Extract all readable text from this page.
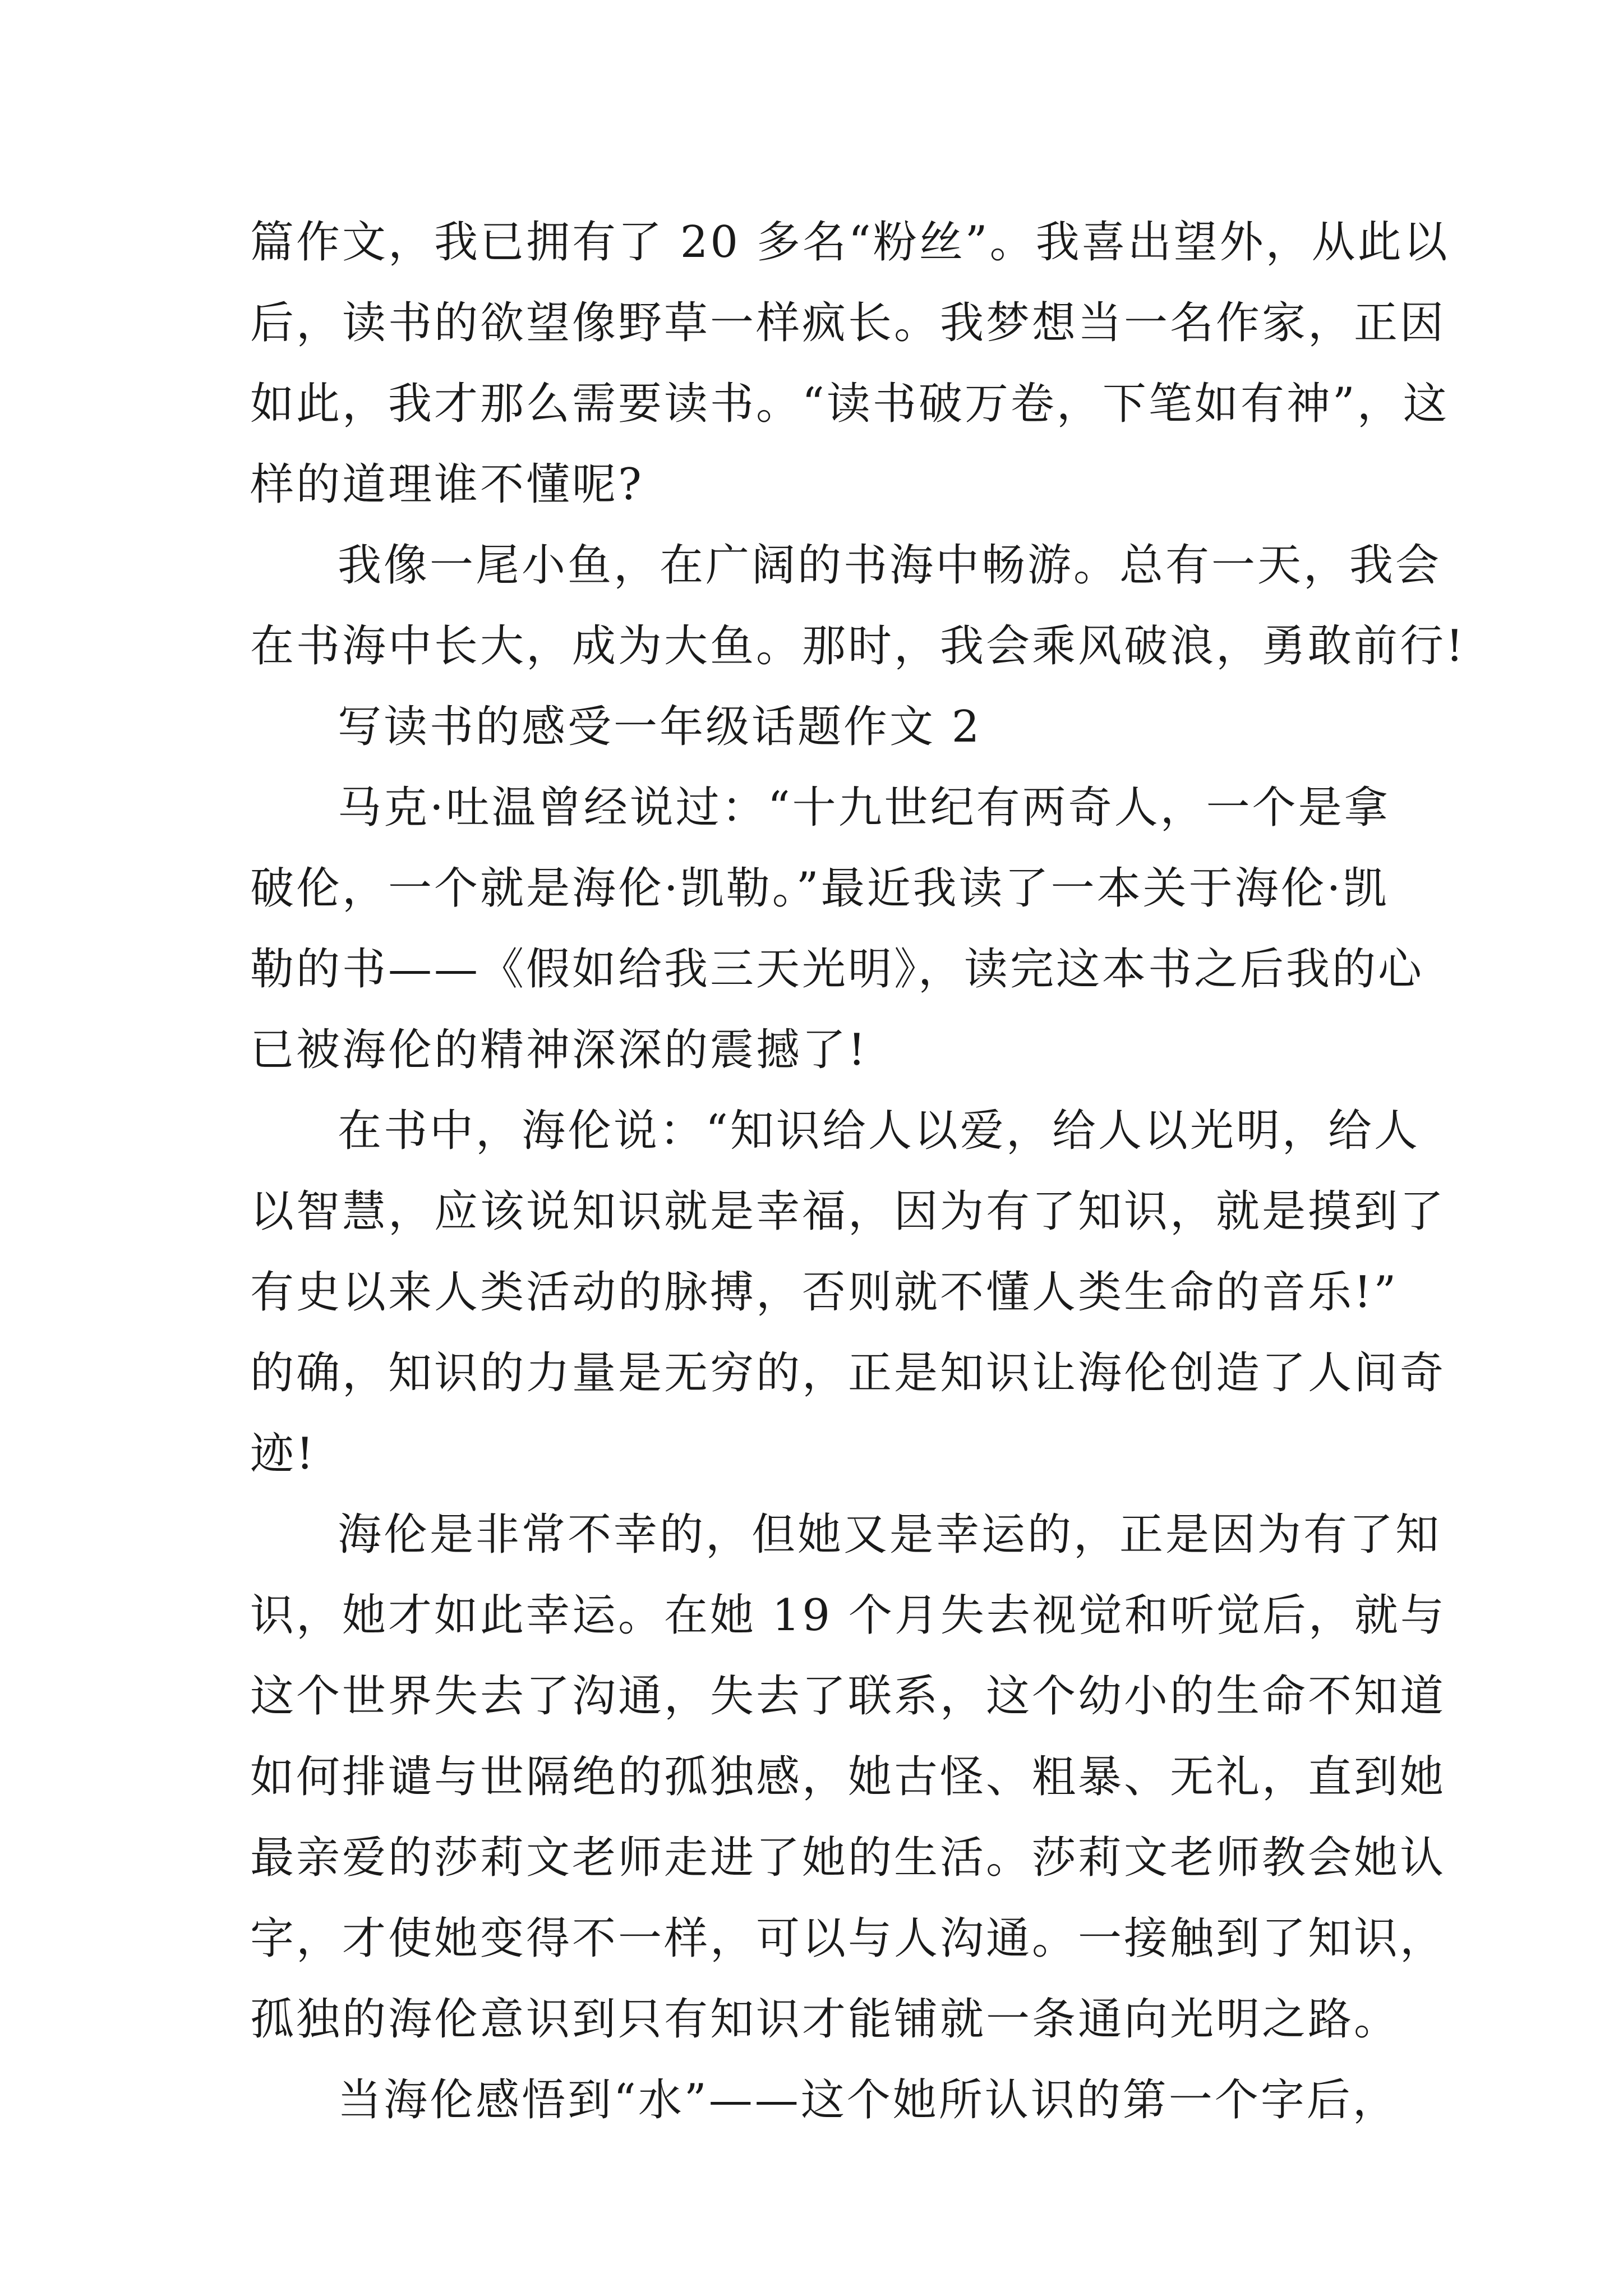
篇作文，我已拥有了 20 多名“粉丝”。我喜出望外，从此以
后，读书的欲望像野草一样疯长。我梦想当一名作家，正因
如此，我才那么需要读书。“读书破万卷，下笔如有神”，这
样的道理谁不懂呢?
我像一尾小鱼，在广阔的书海中畅游。总有一天，我会
在书海中长大，成为大鱼。那时，我会乘风破浪，勇敢前行!
写读书的感受一年级话题作文 2
马克·吐温曾经说过：“十九世纪有两奇人，一个是拿
破伦，一个就是海伦·凯勒。”最近我读了一本关于海伦·凯
勒的书——《假如给我三天光明》，读完这本书之后我的心
已被海伦的精神深深的震撼了!
在书中，海伦说：“知识给人以爱，给人以光明，给人
以智慧，应该说知识就是幸福，因为有了知识，就是摸到了
有史以来人类活动的脉搏，否则就不懂人类生命的音乐!”
的确，知识的力量是无穷的，正是知识让海伦创造了人间奇
迹!
海伦是非常不幸的，但她又是幸运的，正是因为有了知
识，她才如此幸运。在她 19 个月失去视觉和听觉后，就与
这个世界失去了沟通，失去了联系，这个幼小的生命不知道
如何排谴与世隔绝的孤独感，她古怪、粗暴、无礼，直到她
最亲爱的莎莉文老师走进了她的生活。莎莉文老师教会她认
字，才使她变得不一样，可以与人沟通。一接触到了知识，
孤独的海伦意识到只有知识才能铺就一条通向光明之路。
当海伦感悟到“水”——这个她所认识的第一个字后，
